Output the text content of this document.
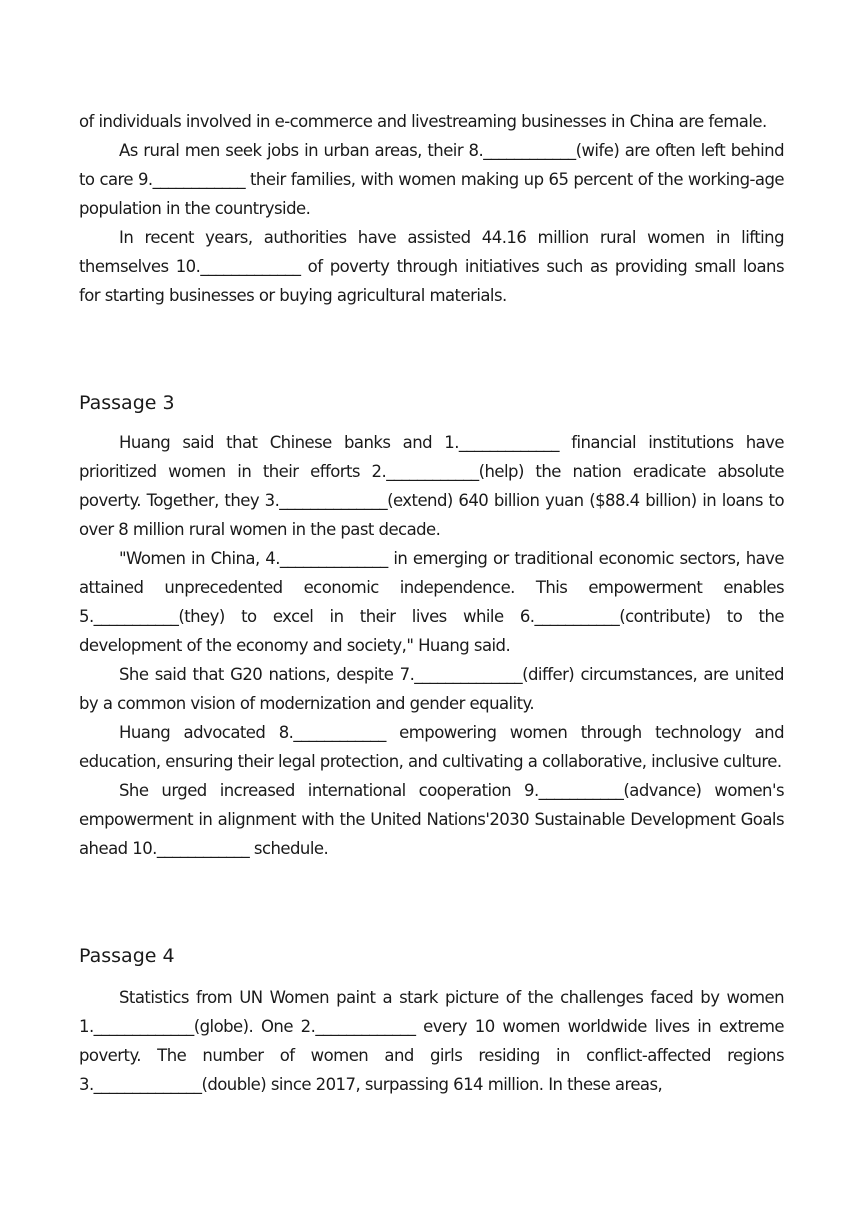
of individuals involved in e-commerce and livestreaming businesses in China are female.

As rural men seek jobs in urban areas, their 8.____________(wife) are often left behind to care 9.____________ their families, with women making up 65 percent of the working-age population in the countryside.

In recent years, authorities have assisted 44.16 million rural women in lifting themselves 10._____________ of poverty through initiatives such as providing small loans for starting businesses or buying agricultural materials.

Passage 3

Huang said that Chinese banks and 1._____________ financial institutions have prioritized women in their efforts 2.____________(help) the nation eradicate absolute poverty. Together, they 3.______________(extend) 640 billion yuan ($88.4 billion) in loans to over 8 million rural women in the past decade.

"Women in China, 4.______________ in emerging or traditional economic sectors, have attained unprecedented economic independence. This empowerment enables 5.___________(they) to excel in their lives while 6.___________(contribute) to the development of the economy and society," Huang said.

She said that G20 nations, despite 7.______________(differ) circumstances, are united by a common vision of modernization and gender equality.

Huang advocated 8.____________ empowering women through technology and education, ensuring their legal protection, and cultivating a collaborative, inclusive culture.

She urged increased international cooperation 9.___________(advance) women's empowerment in alignment with the United Nations'2030 Sustainable Development Goals ahead 10.____________ schedule.

Passage 4

Statistics from UN Women paint a stark picture of the challenges faced by women 1._____________(globe). One 2._____________ every 10 women worldwide lives in extreme poverty. The number of women and girls residing in conflict-affected regions 3.______________(double) since 2017, surpassing 614 million. In these areas,
